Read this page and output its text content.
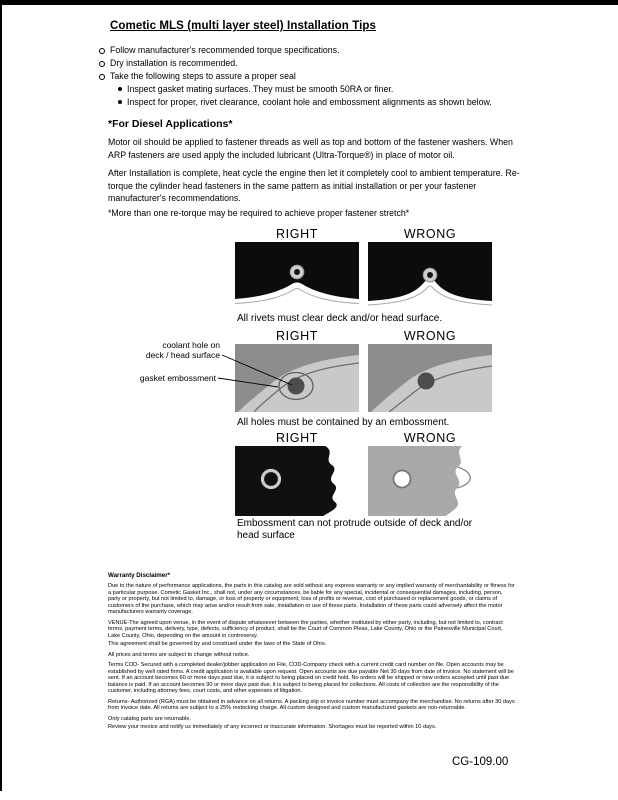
Cometic MLS (multi layer steel) Installation Tips
Follow manufacturer's recommended torque specifications.
Dry installation is recommended.
Take the following steps to assure a proper seal
Inspect gasket mating surfaces. They must be smooth 50RA or finer.
Inspect for proper, rivet clearance, coolant hole and embossment alignments as shown below.
*For Diesel Applications*
Motor oil should be applied to fastener threads as well as top and bottom of the fastener washers. When ARP fasteners are used apply the included lubricant (Ultra-Torque®) in place of motor oil.
After Installation is complete, heat cycle the engine then let it completely cool to ambient temperature. Re-torque the cylinder head fasteners in the same pattern as initial installation or per your fastener manufacturer's recommendations.
*More than one re-torque may be required to achieve proper fastener stretch*
RIGHT	WRONG
All rivets must clear deck and/or head surface.
RIGHT	WRONG
coolant hole on
deck / head surface
gasket embossment
All holes must be contained by an embossment.
RIGHT	WRONG
Embossment can not protrude outside of deck and/or head surface
Warranty Disclaimer*

Due to the nature of performance applications, the parts in this catalog are sold without any express warranty or any implied warranty of merchantability or fitness for a particular purpose. Cometic Gasket Inc., shall not, under any circumstances, be liable for any special, incidental or consequential damages, including, person, party or property, but not limited to, damage, or loss of property or equipment, loss of profits or revenue, cost of purchased or replacement goods, or claims of customers of the purchase, which may arise and/or result from sale, installation or use of these parts. Installation of these parts could adversely affect the motor manufacturers warranty coverage.

VENUE-The agreed upon venue, in the event of dispute whatsoever between the parties, whether instituted by either party, including, but not limited to, contract terms, payment terms, delivery, type, defects, sufficiency of product, shall be the Court of Common Pleas, Lake County, Ohio or the Painesville Municipal Court, Lake County, Ohio, depending on the amount in controversy.

This agreement shall be governed by and construed under the laws of the State of Ohio.

All prices and terms are subject to change without notice.

Terms COD- Secured with a completed dealer/jobber application on File, COD-Company check with a current credit card number on file. Open accounts may be established by well rated firms. A credit application is available upon request. Open accounts are due payable Net 30 days from date of invoice. No statement will be sent. If an account becomes 60 or more days past due, it is subject to being placed on credit hold. No orders will be shipped or new orders accepted until past due balance is paid. If an account becomes 90 or more days past due, it is subject to being placed for collections. All costs of collection are the responsibility of the customer, including attorney fees, court costs, and other expenses of litigation.

Returns- Authorized (RGA) must be obtained in advance on all returns. A packing slip or invoice number must accompany the merchandise. No returns after 30 days from invoice date. All returns are subject to a 25% restocking charge. All custom designed and custom manufactured gaskets are non-returnable.

Only catalog parts are returnable.

Review your invoice and notify us immediately of any incorrect or inaccurate information. Shortages must be reported within 10 days.

CG-109.00
